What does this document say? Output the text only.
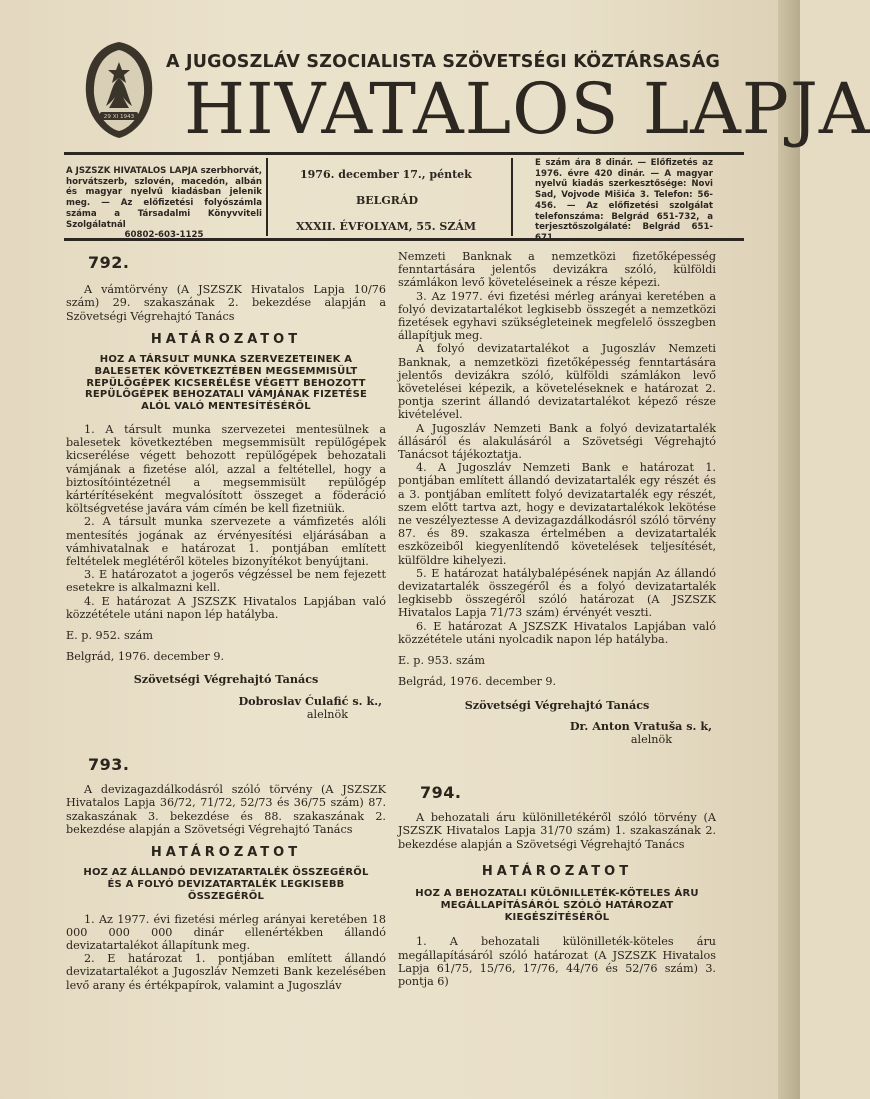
29 XI 1943
A JUGOSZLÁV SZOCIALISTA SZÖVETSÉGI KÖZTÁRSASÁG
HIVATALOS LAPJA
A JSZSZK HIVATALOS LAPJA szerbhorvát, horvátszerb, szlovén, macedón, albán és magyar nyelvű kiadásban jelenik meg. — Az előfizetési folyószámla száma a Társadalmi Könyvviteli Szolgálatnál
60802-603-1125
1976. december 17., péntek
BELGRÁD
XXXII. ÉVFOLYAM, 55. SZÁM
E szám ára 8 dinár. — Előfizetés az 1976. évre 420 dinár. — A magyar nyelvű kiadás szerkesztősége: Novi Sad, Vojvode Mišića 3. Telefon: 56-456. — Az előfizetési szolgálat telefonszáma: Belgrád 651-732, a terjesztőszolgálaté: Belgrád 651-671
792.

A vámtörvény (A JSZSZK Hivatalos Lapja 10/76 szám) 29. szakaszának 2. bekezdése alapján a Szövetségi Végrehajtó Tanács

HATÁROZATOT
HOZ A TÁRSULT MUNKA SZERVEZETEINEK A BALESETEK KÖVETKEZTÉBEN MEGSEMMISÜLT REPÜLŐGÉPEK KICSERÉLÉSE VÉGETT BEHOZOTT REPÜLŐGÉPEK BEHOZATALI VÁMJÁNAK FIZETÉSE ALÓL VALÓ MENTESÍTÉSÉRŐL

1. A társult munka szervezetei mentesülnek a balesetek következtében megsemmisült repülőgépek kicserélése végett behozott repülőgépek behozatali vámjának a fizetése alól, azzal a feltétellel, hogy a biztosítóintézetnél a megsemmisült repülőgép kártérítéseként megvalósított összeget a föderáció költségvetése javára vám címén be kell fizetniük.

2. A társult munka szervezete a vámfizetés alóli mentesítés jogának az érvényesítési eljárásában a vámhivatalnak e határozat 1. pontjában említett feltételek meglétéről köteles bizonyítékot benyújtani.

3. E határozatot a jogerős végzéssel be nem fejezett esetekre is alkalmazni kell.

4. E határozat A JSZSZK Hivatalos Lapjában való közzététele utáni napon lép hatályba.

E. p. 952. szám

Belgrád, 1976. december 9.

Szövetségi Végrehajtó Tanács
Dobroslav Ćulafić s. k.,
alelnök
793.

A devizagazdálkodásról szóló törvény (A JSZSZK Hivatalos Lapja 36/72, 71/72, 52/73 és 36/75 szám) 87. szakaszának 3. bekezdése és 88. szakaszának 2. bekezdése alapján a Szövetségi Végrehajtó Tanács

HATÁROZATOT
HOZ AZ ÁLLANDÓ DEVIZATARTALÉK ÖSSZEGÉRŐL ÉS A FOLYÓ DEVIZATARTALÉK LEGKISEBB ÖSSZEGÉRŐL

1. Az 1977. évi fizetési mérleg arányai keretében 18 000 000 000 dinár ellenértékben állandó devizatartalékot állapítunk meg.

2. E határozat 1. pontjában említett állandó devizatartalékot a Jugoszláv Nemzeti Bank kezelésében levő arany és értékpapírok, valamint a Jugoszláv

Nemzeti Banknak a nemzetközi fizetőképesség fenntartására jelentős devizákra szóló, külföldi számlákon levő követeléseinek a része képezi.

3. Az 1977. évi fizetési mérleg arányai keretében a folyó devizatartalékot legkisebb összegét a nemzetközi fizetések egyhavi szükségleteinek megfelelő összegben állapítjuk meg.

A folyó devizatartalékot a Jugoszláv Nemzeti Banknak, a nemzetközi fizetőképesség fenntartására jelentős devizákra szóló, külföldi számlákon levő követelései képezik, a követeléseknek e határozat 2. pontja szerint állandó devizatartalékot képező része kivételével.

A Jugoszláv Nemzeti Bank a folyó devizatartalék állásáról és alakulásáról a Szövetségi Végrehajtó Tanácsot tájékoztatja.

4. A Jugoszláv Nemzeti Bank e határozat 1. pontjában említett állandó devizatartalék egy részét és a 3. pontjában említett folyó devizatartalék egy részét, szem előtt tartva azt, hogy e devizatartalékok lekötése ne veszélyeztesse A devizagazdálkodásról szóló törvény 87. és 89. szakasza értelmében a devizatartalék eszközeiből kiegyenlítendő követelések teljesítését, külföldre kihelyezi.

5. E határozat hatálybalépésének napján Az állandó devizatartalék összegéről és a folyó devizatartalék legkisebb összegéről szóló határozat (A JSZSZK Hivatalos Lapja 71/73 szám) érvényét veszti.

6. E határozat A JSZSZK Hivatalos Lapjában való közzététele utáni nyolcadik napon lép hatályba.

E. p. 953. szám

Belgrád, 1976. december 9.

Szövetségi Végrehajtó Tanács
Dr. Anton Vratuša s. k,
alelnök
794.

A behozatali áru különilletékéről szóló törvény (A JSZSZK Hivatalos Lapja 31/70 szám) 1. szakaszának 2. bekezdése alapján a Szövetségi Végrehajtó Tanács

HATÁROZATOT
HOZ A BEHOZATALI KÜLÖNILLETÉK-KÖTELES ÁRU MEGÁLLAPÍTÁSÁRÓL SZÓLÓ HATÁROZAT KIEGÉSZÍTÉSÉRŐL

1. A behozatali különilleték-köteles áru megállapításáról szóló határozat (A JSZSZK Hivatalos Lapja 61/75, 15/76, 17/76, 44/76 és 52/76 szám) 3. pontja 6)
